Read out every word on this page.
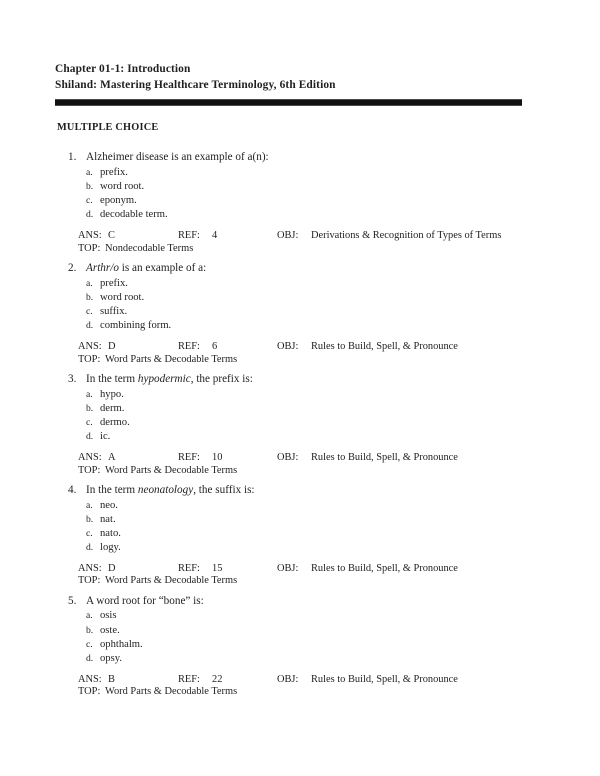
Chapter 01-1: Introduction
Shiland: Mastering Healthcare Terminology, 6th Edition
MULTIPLE CHOICE
1. Alzheimer disease is an example of a(n):
a. prefix.
b. word root.
c. eponym.
d. decodable term.
ANS: C	REF: 4	OBJ: Derivations & Recognition of Types of Terms
TOP: Nondecodable Terms
2. Arthr/o is an example of a:
a. prefix.
b. word root.
c. suffix.
d. combining form.
ANS: D	REF: 6	OBJ: Rules to Build, Spell, & Pronounce
TOP: Word Parts & Decodable Terms
3. In the term hypodermic, the prefix is:
a. hypo.
b. derm.
c. dermo.
d. ic.
ANS: A	REF: 10	OBJ: Rules to Build, Spell, & Pronounce
TOP: Word Parts & Decodable Terms
4. In the term neonatology, the suffix is:
a. neo.
b. nat.
c. nato.
d. logy.
ANS: D	REF: 15	OBJ: Rules to Build, Spell, & Pronounce
TOP: Word Parts & Decodable Terms
5. A word root for “bone” is:
a. osis
b. oste.
c. ophthalm.
d. opsy.
ANS: B	REF: 22	OBJ: Rules to Build, Spell, & Pronounce
TOP: Word Parts & Decodable Terms
